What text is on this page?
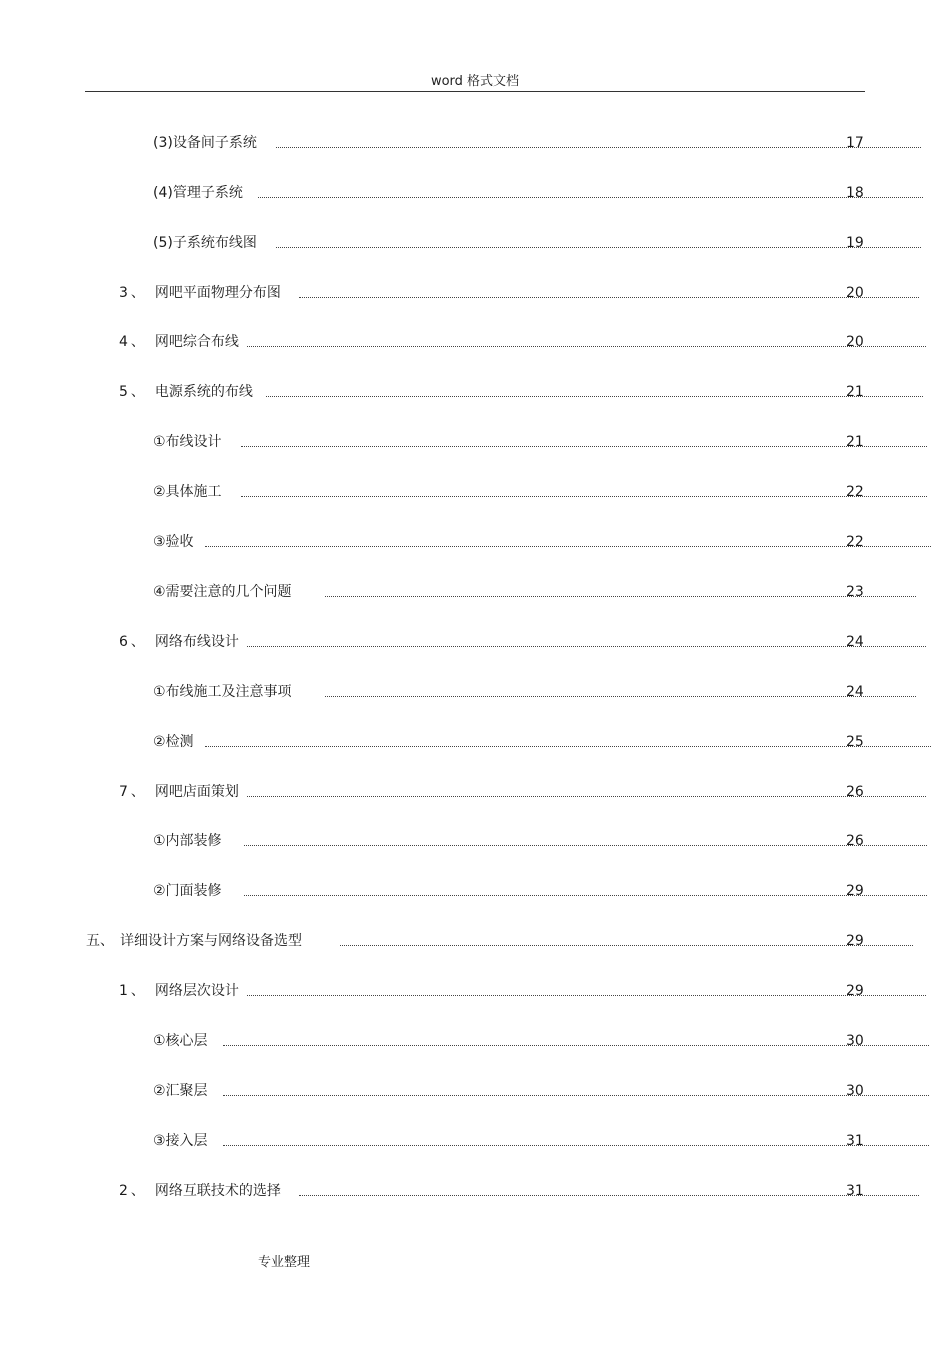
word 格式文档
(3)设备间子系统	17
(4)管理子系统	18
(5)子系统布线图	19
3 、 网吧平面物理分布图	20
4 、 网吧综合布线	20
5 、 电源系统的布线	21
①布线设计	21
②具体施工	22
③验收	22
④需要注意的几个问题	23
6 、 网络布线设计	24
①布线施工及注意事项	24
②检测	25
7 、 网吧店面策划	26
①内部装修	26
②门面装修	29
五、 详细设计方案与网络设备选型	29
1 、 网络层次设计	29
①核心层	30
②汇聚层	30
③接入层	31
2 、 网络互联技术的选择	31
专业整理
